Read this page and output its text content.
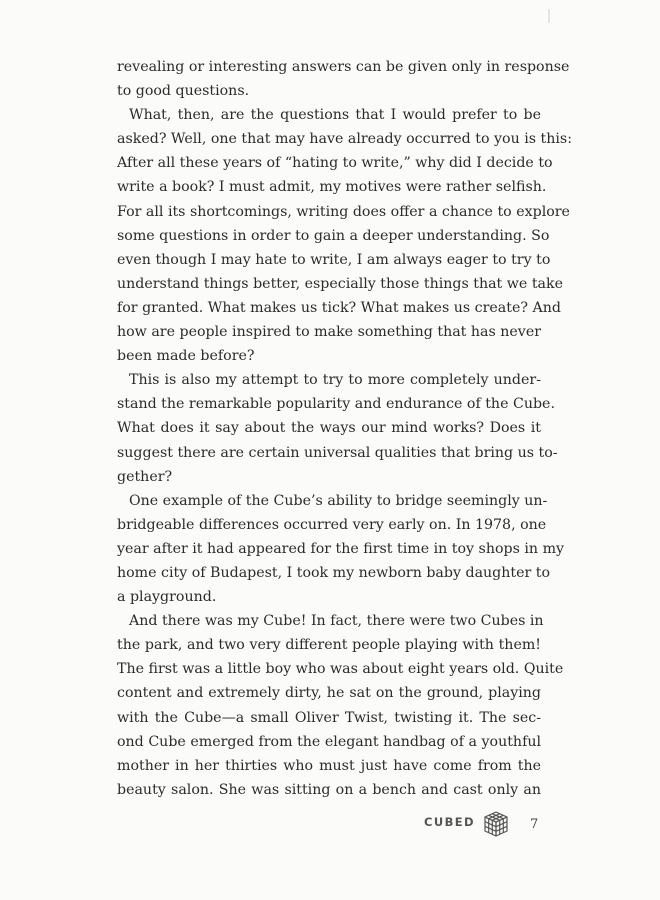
revealing or interesting answers can be given only in response
to good questions.
What, then, are the questions that I would prefer to be
asked? Well, one that may have already occurred to you is this:
After all these years of “hating to write,” why did I decide to
write a book? I must admit, my motives were rather selfish.
For all its shortcomings, writing does offer a chance to explore
some questions in order to gain a deeper understanding. So
even though I may hate to write, I am always eager to try to
understand things better, especially those things that we take
for granted. What makes us tick? What makes us create? And
how are people inspired to make something that has never
been made before?
This is also my attempt to try to more completely under-
stand the remarkable popularity and endurance of the Cube.
What does it say about the ways our mind works? Does it
suggest there are certain universal qualities that bring us to-
gether?
One example of the Cube’s ability to bridge seemingly un-
bridgeable differences occurred very early on. In 1978, one
year after it had appeared for the first time in toy shops in my
home city of Budapest, I took my newborn baby daughter to
a playground.
And there was my Cube! In fact, there were two Cubes in
the park, and two very different people playing with them!
The first was a little boy who was about eight years old. Quite
content and extremely dirty, he sat on the ground, playing
with the Cube—a small Oliver Twist, twisting it. The sec-
ond Cube emerged from the elegant handbag of a youthful
mother in her thirties who must just have come from the
beauty salon. She was sitting on a bench and cast only an
CUBED	7
